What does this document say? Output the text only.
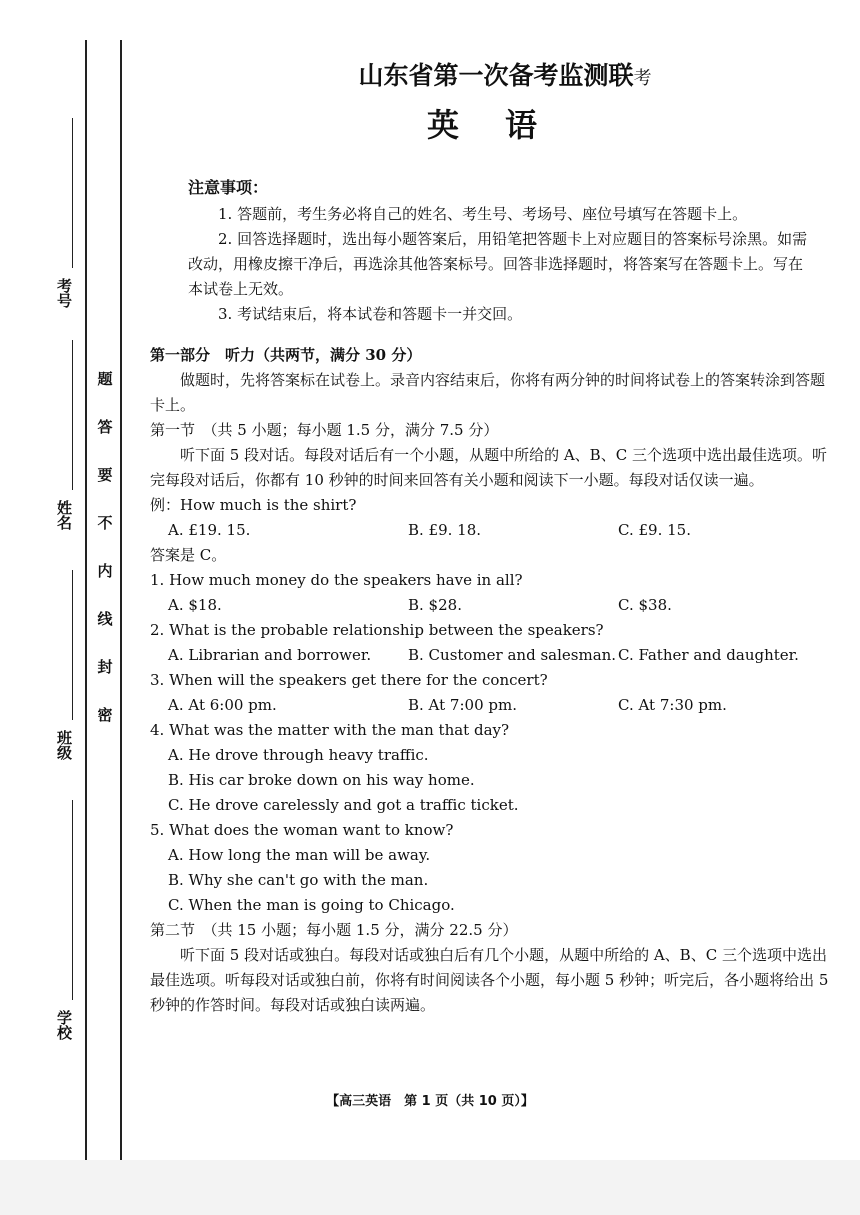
考号
姓名
班级
学校
题
答
要
不
内
线
封
密
山东省第一次备考监测联考
英语
注意事项：

1. 答题前，考生务必将自己的姓名、考生号、考场号、座位号填写在答题卡上。

2. 回答选择题时，选出每小题答案后，用铅笔把答题卡上对应题目的答案标号涂黑。如需改动，用橡皮擦干净后，再选涂其他答案标号。回答非选择题时，将答案写在答题卡上。写在本试卷上无效。

3. 考试结束后，将本试卷和答题卡一并交回。

第一部分　听力（共两节，满分 30 分）

做题时，先将答案标在试卷上。录音内容结束后，你将有两分钟的时间将试卷上的答案转涂到答题卡上。

第一节　（共 5 小题；每小题 1.5 分，满分 7.5 分）

听下面 5 段对话。每段对话后有一个小题，从题中所给的 A、B、C 三个选项中选出最佳选项。听完每段对话后，你都有 10 秒钟的时间来回答有关小题和阅读下一小题。每段对话仅读一遍。

例：How much is the shirt?

A. £19. 15.	B. £9. 18.	C. £9. 15.

答案是 C。

1. How much money do the speakers have in all?

A. $18.	B. $28.	C. $38.

2. What is the probable relationship between the speakers?

A. Librarian and borrower.	B. Customer and salesman. C. Father and daughter.

3. When will the speakers get there for the concert?

A. At 6:00 pm.	B. At 7:00 pm.	C. At 7:30 pm.

4. What was the matter with the man that day?

A. He drove through heavy traffic.

B. His car broke down on his way home.

C. He drove carelessly and got a traffic ticket.

5. What does the woman want to know?

A. How long the man will be away.

B. Why she can't go with the man.

C. When the man is going to Chicago.

第二节　（共 15 小题；每小题 1.5 分，满分 22.5 分）

听下面 5 段对话或独白。每段对话或独白后有几个小题，从题中所给的 A、B、C 三个选项中选出最佳选项。听每段对话或独白前，你将有时间阅读各个小题，每小题 5 秒钟；听完后，各小题将给出 5 秒钟的作答时间。每段对话或独白读两遍。

【高三英语　第 1 页（共 10 页）】
